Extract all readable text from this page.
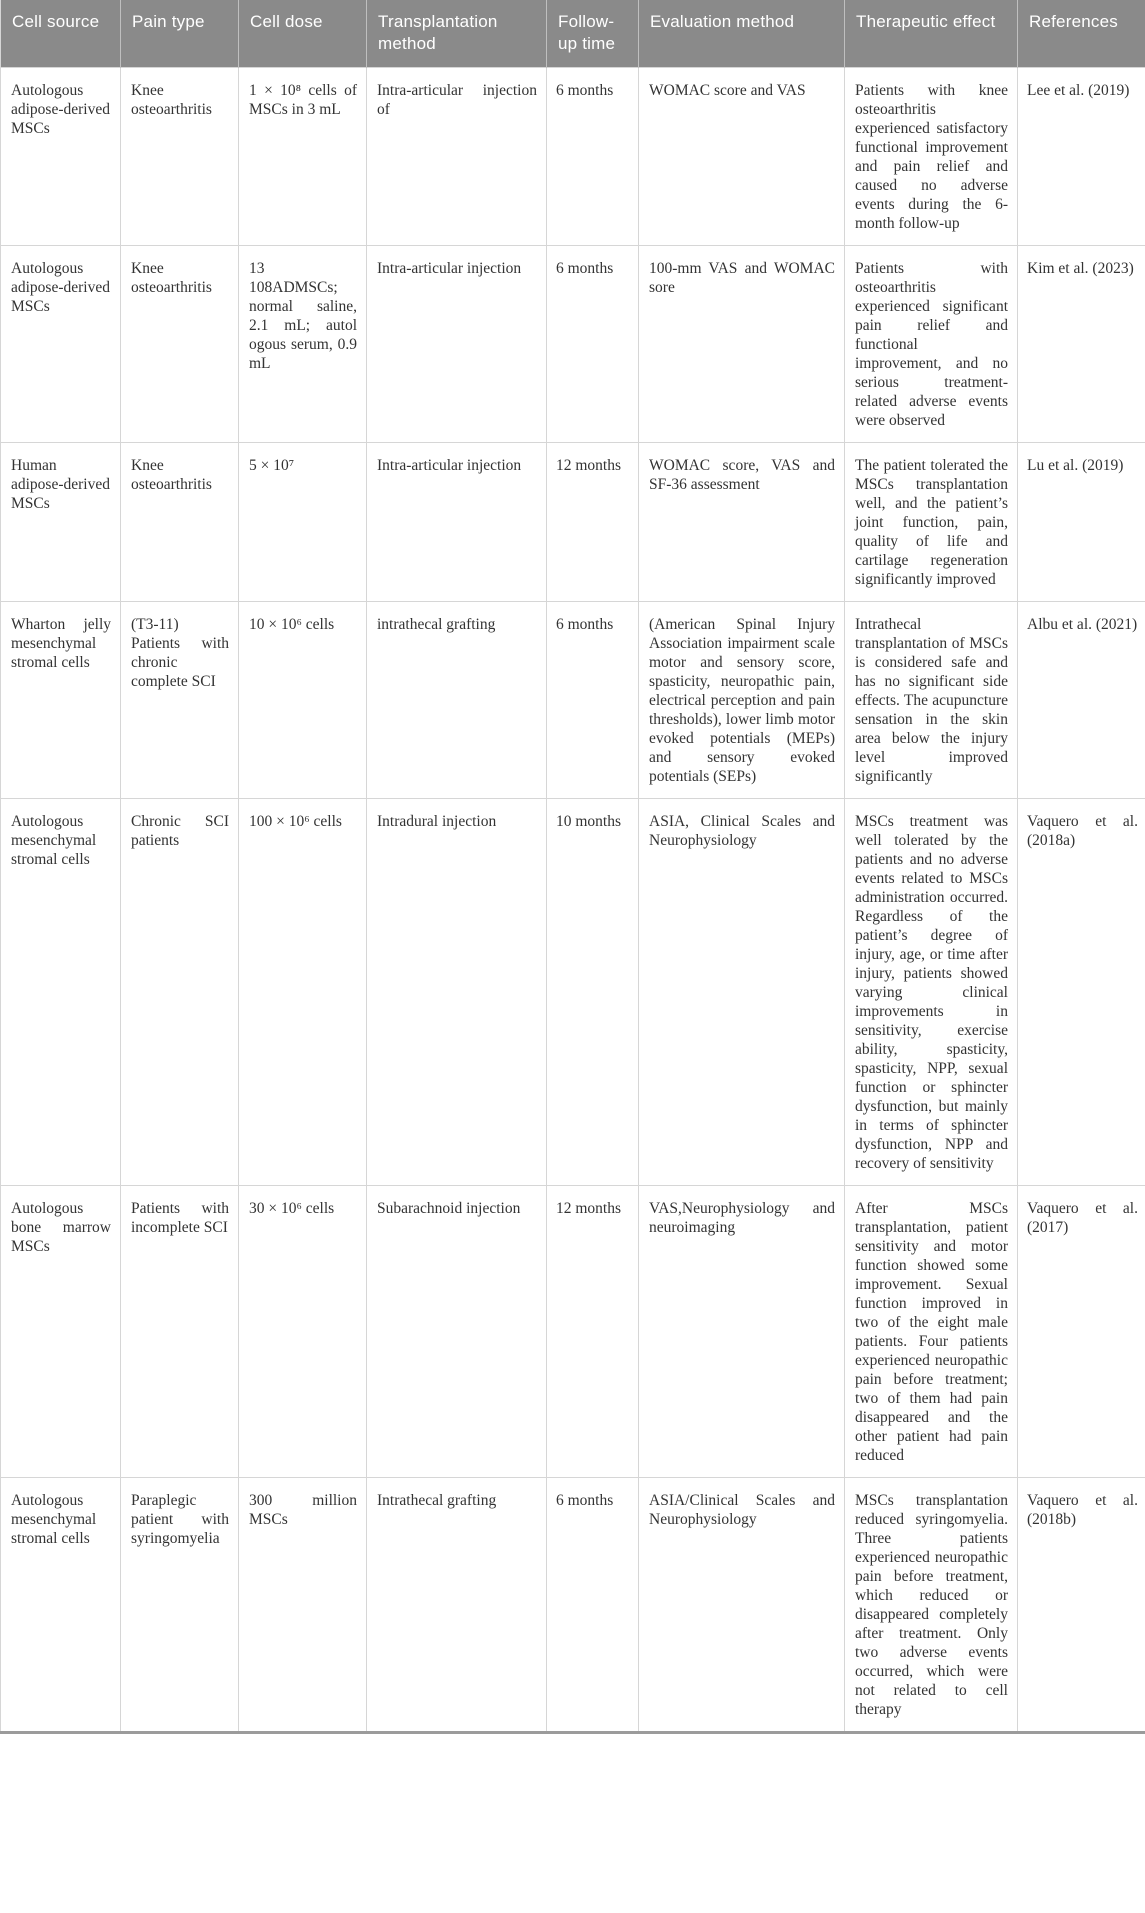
Cell source	Pain type	Cell dose	Transplantation method	Follow-up time	Evaluation method	Therapeutic effect	References
Autologous adipose-derived MSCs	Knee osteoarthritis	1 × 10⁸ cells of MSCs in 3 mL	Intra-articular injection of	6 months	WOMAC score and VAS	Patients with knee osteoarthritis experienced satisfactory functional improvement and pain relief and caused no adverse events during the 6-month follow-up	Lee et al. (2019)
Autologous adipose-derived MSCs	Knee osteoarthritis	13 108ADMSCs; normal saline, 2.1 mL; autol ogous serum, 0.9 mL	Intra-articular injection	6 months	100-mm VAS and WOMAC sore	Patients with osteoarthritis experienced significant pain relief and functional improvement, and no serious treatment-related adverse events were observed	Kim et al. (2023)
Human adipose-derived MSCs	Knee osteoarthritis	5 × 10⁷	Intra-articular injection	12 months	WOMAC score, VAS and SF-36 assessment	The patient tolerated the MSCs transplantation well, and the patient’s joint function, pain, quality of life and cartilage regeneration significantly improved	Lu et al. (2019)
Wharton jelly mesenchymal stromal cells	(T3-11) Patients with chronic complete SCI	10 × 10⁶ cells	intrathecal grafting	6 months	(American Spinal Injury Association impairment scale motor and sensory score, spasticity, neuropathic pain, electrical perception and pain thresholds), lower limb motor evoked potentials (MEPs) and sensory evoked potentials (SEPs)	Intrathecal transplantation of MSCs is considered safe and has no significant side effects. The acupuncture sensation in the skin area below the injury level improved significantly	Albu et al. (2021)
Autologous mesenchymal stromal cells	Chronic SCI patients	100 × 10⁶ cells	Intradural injection	10 months	ASIA, Clinical Scales and Neurophysiology	MSCs treatment was well tolerated by the patients and no adverse events related to MSCs administration occurred. Regardless of the patient’s degree of injury, age, or time after injury, patients showed varying clinical improvements in sensitivity, exercise ability, spasticity, spasticity, NPP, sexual function or sphincter dysfunction, but mainly in terms of sphincter dysfunction, NPP and recovery of sensitivity	Vaquero et al. (2018a)
Autologous bone marrow MSCs	Patients with incomplete SCI	30 × 10⁶ cells	Subarachnoid injection	12 months	VAS,Neurophysiology and neuroimaging	After MSCs transplantation, patient sensitivity and motor function showed some improvement. Sexual function improved in two of the eight male patients. Four patients experienced neuropathic pain before treatment; two of them had pain disappeared and the other patient had pain reduced	Vaquero et al. (2017)
Autologous mesenchymal stromal cells	Paraplegic patient with syringomyelia	300 million MSCs	Intrathecal grafting	6 months	ASIA/Clinical Scales and Neurophysiology	MSCs transplantation reduced syringomyelia. Three patients experienced neuropathic pain before treatment, which reduced or disappeared completely after treatment. Only two adverse events occurred, which were not related to cell therapy	Vaquero et al. (2018b)
